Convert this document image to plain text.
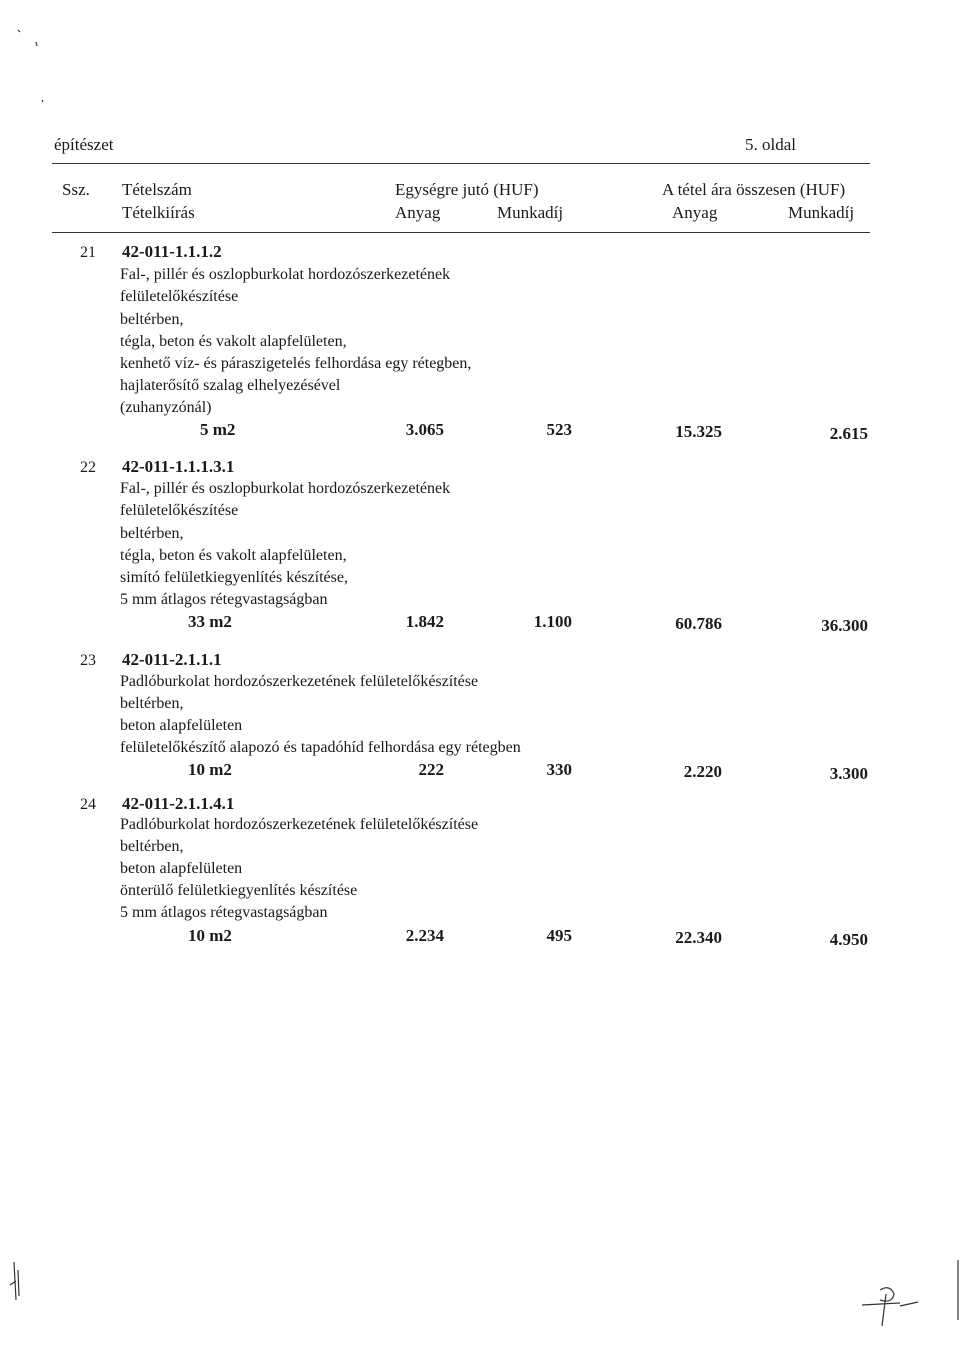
építészet	5. oldal
Ssz. Tételszám
Tételkiírás
Egységre jutó (HUF)
Anyag	Munkadíj
A tétel ára összesen (HUF)
Anyag	Munkadíj
21 42-011-1.1.1.2
Fal-, pillér és oszlopburkolat hordozószerkezetének
felületelőkészítése
beltérben,
tégla, beton és vakolt alapfelületen,
kenhető víz- és páraszigetelés felhordása egy rétegben,
hajlaterősítő szalag elhelyezésével
(zuhanyzónál)
5 m2	3.065	523	15.325	2.615
22 42-011-1.1.1.3.1
Fal-, pillér és oszlopburkolat hordozószerkezetének
felületelőkészítése
beltérben,
tégla, beton és vakolt alapfelületen,
simító felületkiegyenlítés készítése,
5 mm átlagos rétegvastagságban
33 m2	1.842	1.100	60.786	36.300
23 42-011-2.1.1.1
Padlóburkolat hordozószerkezetének felületelőkészítése
beltérben,
beton alapfelületen
felületelőkészítő alapozó és tapadóhíd felhordása egy rétegben
10 m2	222	330	2.220	3.300
24 42-011-2.1.1.4.1
Padlóburkolat hordozószerkezetének felületelőkészítése
beltérben,
beton alapfelületen
önterülő felületkiegyenlítés készítése
5 mm átlagos rétegvastagságban
10 m2	2.234	495	22.340	4.950
